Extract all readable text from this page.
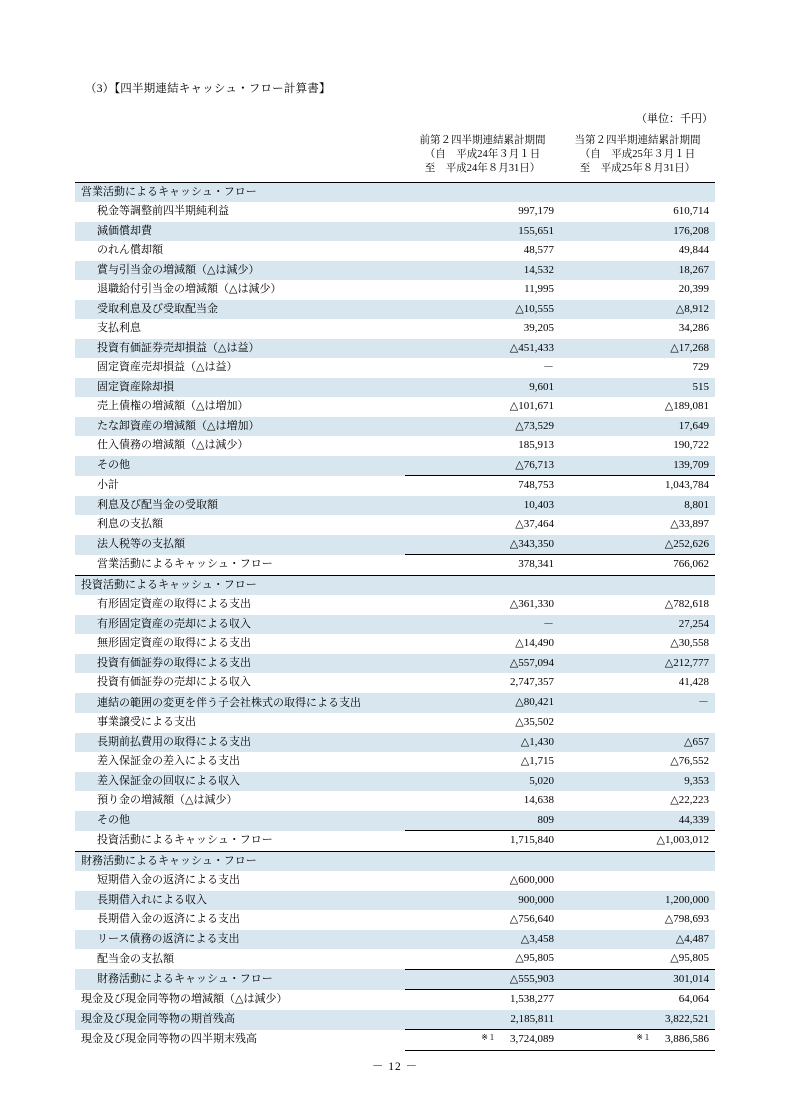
（3）【四半期連結キャッシュ・フロー計算書】
（単位：千円）

	前第２四半期連結累計期間
（自　平成24年３月１日
至　平成24年８月31日）	当第２四半期連結累計期間
（自　平成25年３月１日
至　平成25年８月31日）

営業活動によるキャッシュ・フロー		
税金等調整前四半期純利益	997,179	610,714
減価償却費	155,651	176,208
のれん償却額	48,577	49,844
賞与引当金の増減額（△は減少）	14,532	18,267
退職給付引当金の増減額（△は減少）	11,995	20,399
受取利息及び受取配当金	△10,555	△8,912
支払利息	39,205	34,286
投資有価証券売却損益（△は益）	△451,433	△17,268
固定資産売却損益（△は益）	－	729
固定資産除却損	9,601	515
売上債権の増減額（△は増加）	△101,671	△189,081
たな卸資産の増減額（△は増加）	△73,529	17,649
仕入債務の増減額（△は減少）	185,913	190,722
その他	△76,713	139,709
小計	748,753	1,043,784
利息及び配当金の受取額	10,403	8,801
利息の支払額	△37,464	△33,897
法人税等の支払額	△343,350	△252,626
営業活動によるキャッシュ・フロー	378,341	766,062
投資活動によるキャッシュ・フロー		
有形固定資産の取得による支出	△361,330	△782,618
有形固定資産の売却による収入	－	27,254
無形固定資産の取得による支出	△14,490	△30,558
投資有価証券の取得による支出	△557,094	△212,777
投資有価証券の売却による収入	2,747,357	41,428
連結の範囲の変更を伴う子会社株式の取得による支出	△80,421	－
事業譲受による支出	△35,502	
長期前払費用の取得による支出	△1,430	△657
差入保証金の差入による支出	△1,715	△76,552
差入保証金の回収による収入	5,020	9,353
預り金の増減額（△は減少）	14,638	△22,223
その他	809	44,339
投資活動によるキャッシュ・フロー	1,715,840	△1,003,012
財務活動によるキャッシュ・フロー		
短期借入金の返済による支出	△600,000	
長期借入れによる収入	900,000	1,200,000
長期借入金の返済による支出	△756,640	△798,693
リース債務の返済による支出	△3,458	△4,487
配当金の支払額	△95,805	△95,805
財務活動によるキャッシュ・フロー	△555,903	301,014
現金及び現金同等物の増減額（△は減少）	1,538,277	64,064
現金及び現金同等物の期首残高	2,185,811	3,822,521
現金及び現金同等物の四半期末残高	※１ 3,724,089	※１ 3,886,586
－ 12 －
